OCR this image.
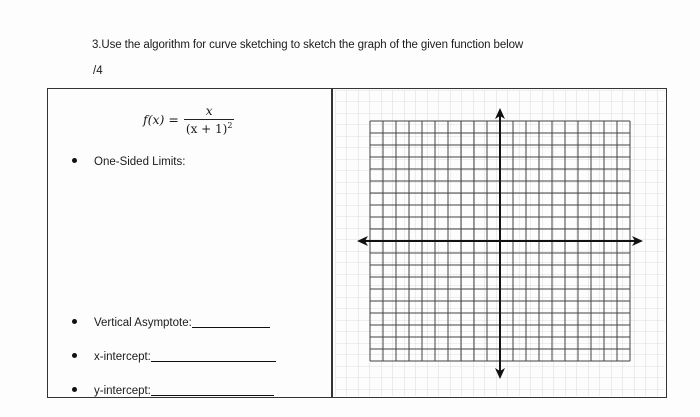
3.Use the algorithm for curve sketching to sketch the graph of the given function below
/4
$f(x) = \frac{x}{(x + 1)^2}$
One-Sided Limits:
Vertical Asymptote:
x-intercept:
y-intercept:
